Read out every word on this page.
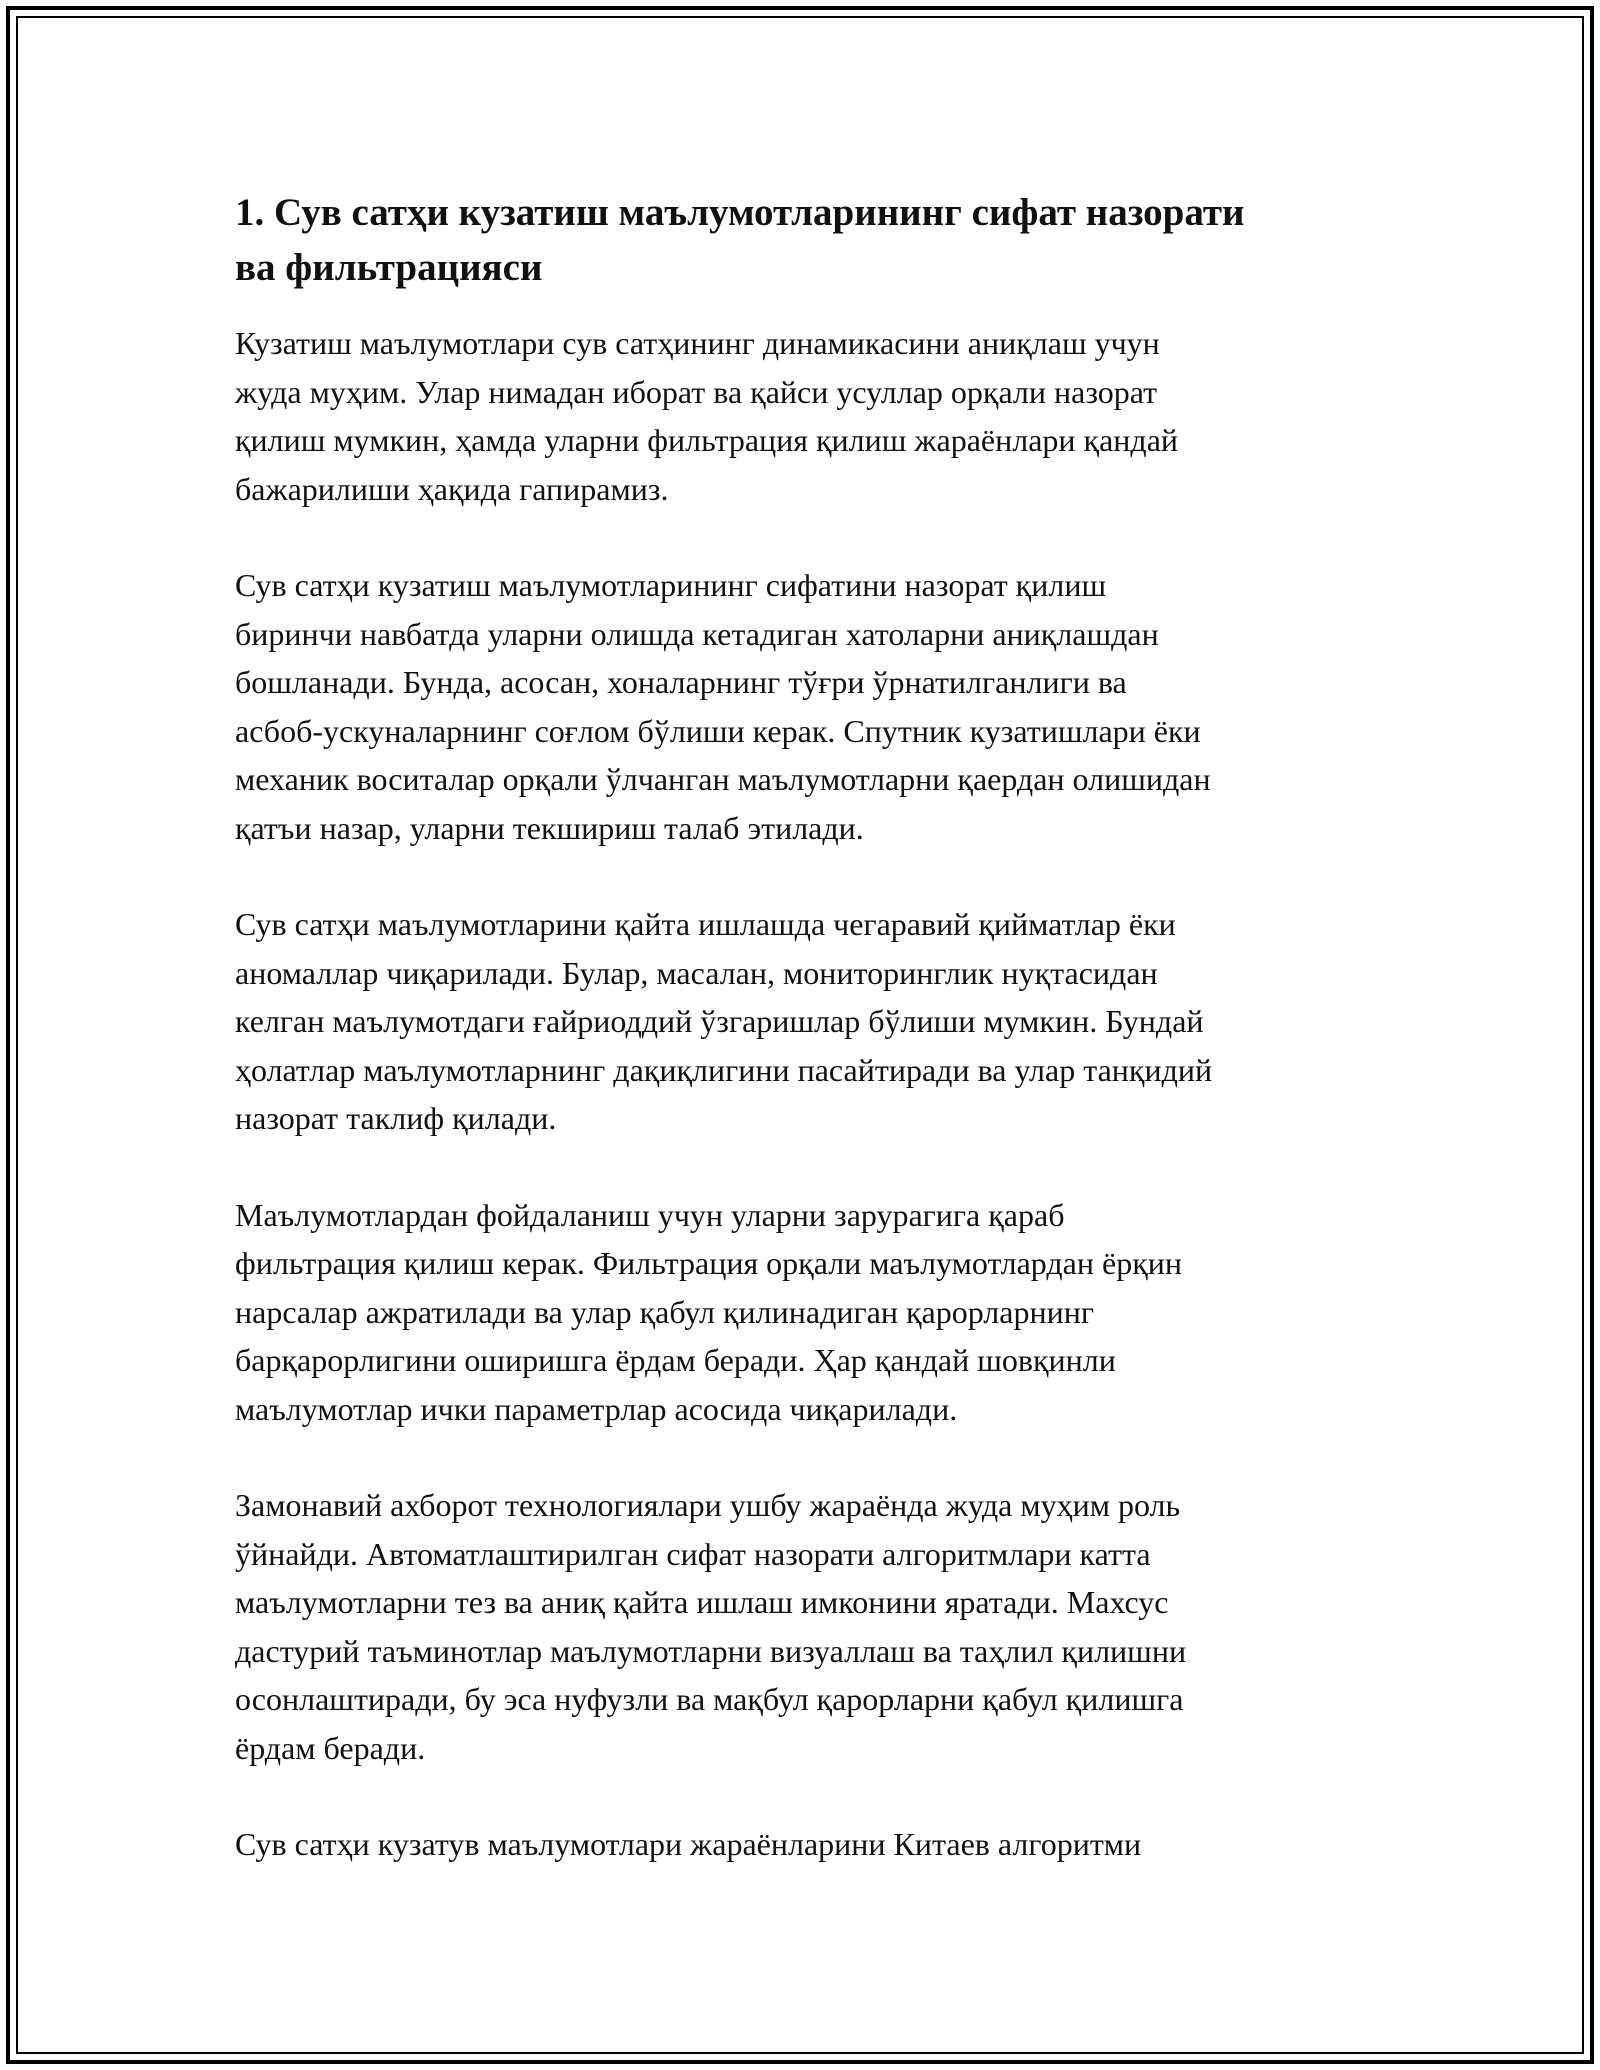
1. Сув сатҳи кузатиш маълумотларининг сифат назорати
ва фильтрацияси

Кузатиш маълумотлари сув сатҳининг динамикасини аниқлаш учун
жуда муҳим. Улар нимадан иборат ва қайси усуллар орқали назорат
қилиш мумкин, ҳамда уларни фильтрация қилиш жараёнлари қандай
бажарилиши ҳақида гапирамиз.

Сув сатҳи кузатиш маълумотларининг сифатини назорат қилиш
биринчи навбатда уларни олишда кетадиган хатоларни аниқлашдан
бошланади. Бунда, асосан, хоналарнинг тўғри ўрнатилганлиги ва
асбоб-ускуналарнинг соғлом бўлиши керак. Спутник кузатишлари ёки
механик воситалар орқали ўлчанган маълумотларни қаердан олишидан
қатъи назар, уларни текшириш талаб этилади.

Сув сатҳи маълумотларини қайта ишлашда чегаравий қийматлар ёки
аномаллар чиқарилади. Булар, масалан, мониторинглик нуқтасидан
келган маълумотдаги ғайриоддий ўзгаришлар бўлиши мумкин. Бундай
ҳолатлар маълумотларнинг дақиқлигини пасайтиради ва улар танқидий
назорат таклиф қилади.

Маълумотлардан фойдаланиш учун уларни зарурагига қараб
фильтрация қилиш керак. Фильтрация орқали маълумотлардан ёрқин
нарсалар ажратилади ва улар қабул қилинадиган қарорларнинг
барқарорлигини оширишга ёрдам беради. Ҳар қандай шовқинли
маълумотлар ички параметрлар асосида чиқарилади.

Замонавий ахборот технологиялари ушбу жараёнда жуда муҳим роль
ўйнайди. Автоматлаштирилган сифат назорати алгоритмлари катта
маълумотларни тез ва аниқ қайта ишлаш имконини яратади. Махсус
дастурий таъминотлар маълумотларни визуаллаш ва таҳлил қилишни
осонлаштиради, бу эса нуфузли ва мақбул қарорларни қабул қилишга
ёрдам беради.

Сув сатҳи кузатув маълумотлари жараёнларини Китаев алгоритми
